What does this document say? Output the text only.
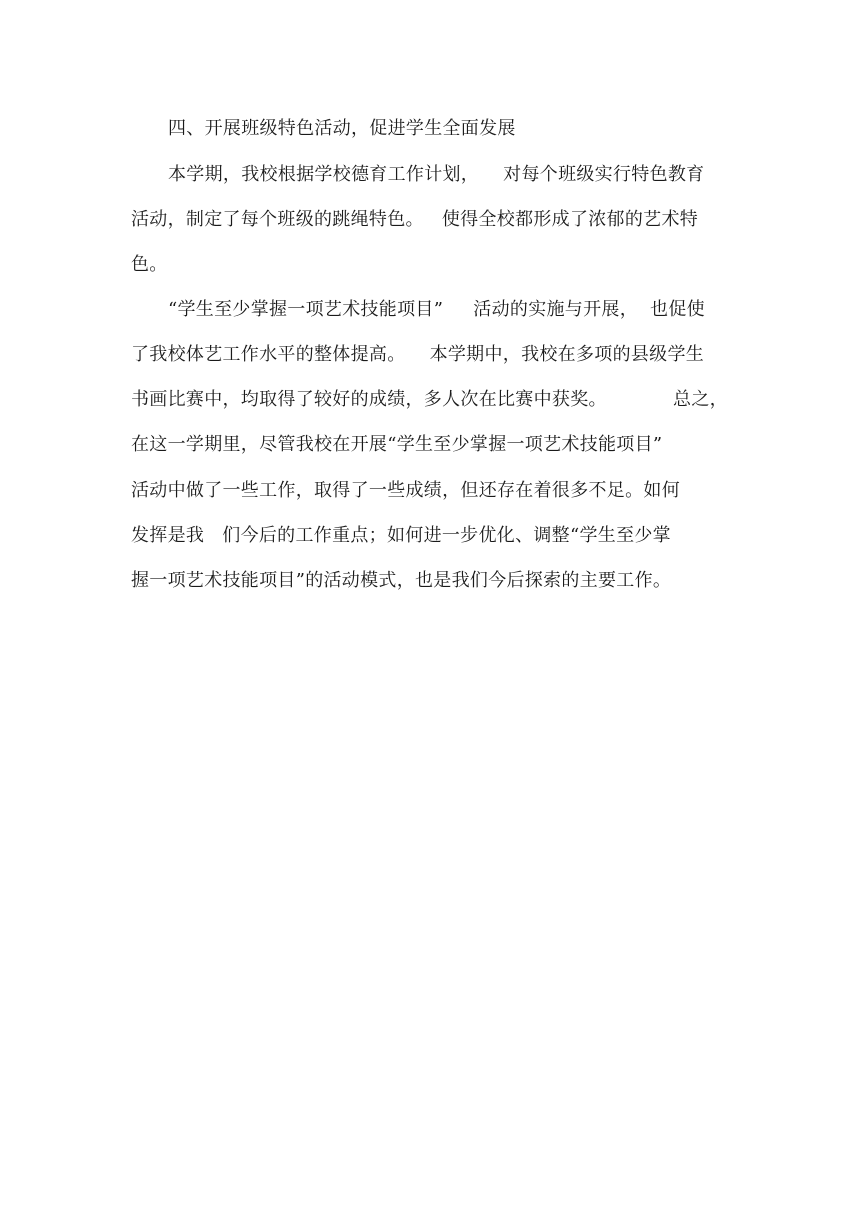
四、开展班级特色活动，促进学生全面发展
本学期，我校根据学校德育工作计划，    对每个班级实行特色教育
活动，制定了每个班级的跳绳特色。   使得全校都形成了浓郁的艺术特
色。
“学生至少掌握一项艺术技能项目”     活动的实施与开展，  也促使
了我校体艺工作水平的整体提高。    本学期中，我校在多项的县级学生
书画比赛中，均取得了较好的成绩，多人次在比赛中获奖。           总之，
在这一学期里，尽管我校在开展“学生至少掌握一项艺术技能项目”
活动中做了一些工作，取得了一些成绩，但还存在着很多不足。如何
发挥是我   们今后的工作重点；如何进一步优化、调整“学生至少掌
握一项艺术技能项目”的活动模式，也是我们今后探索的主要工作。
